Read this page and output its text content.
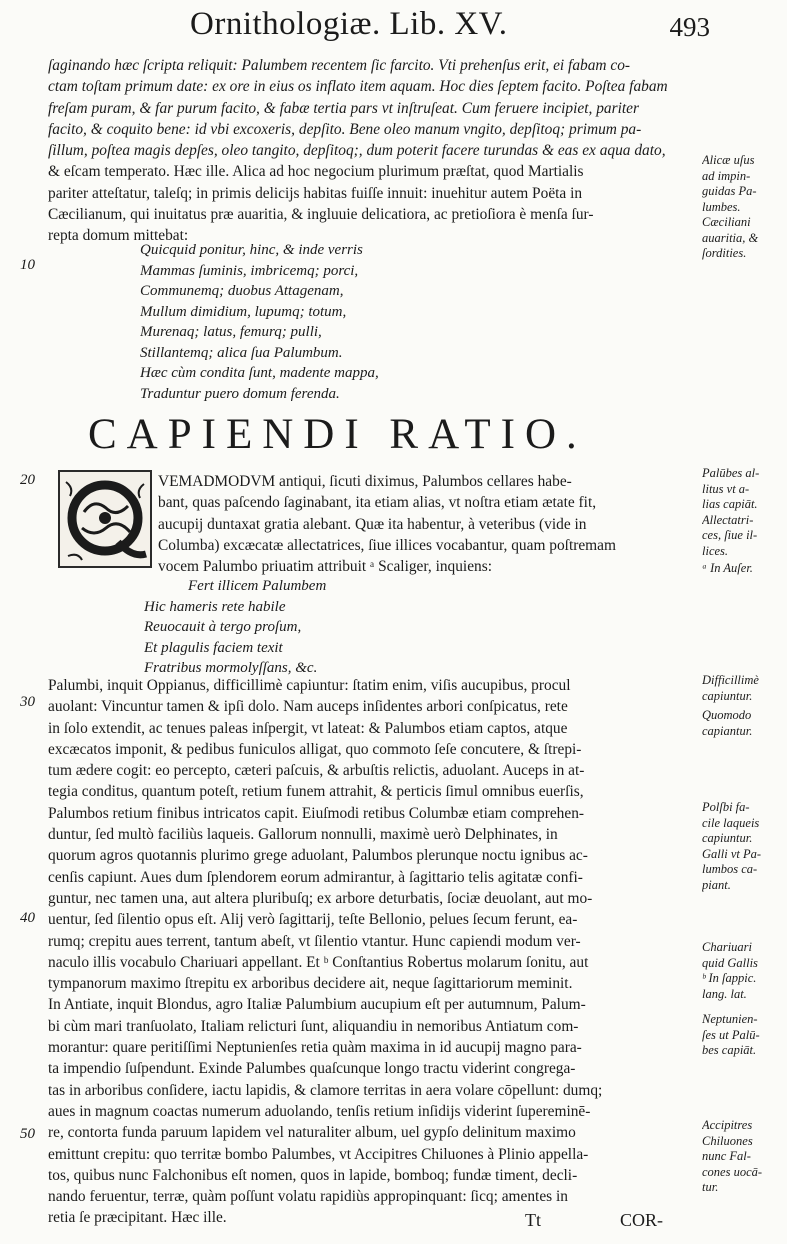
Ornithologiæ. Lib. XV.	493
ſaginando hæc ſcripta reliquit: Palumbem recentem ſic farcito. Vti prehenſus erit, ei fabam co-
ctam toſtam primum date: ex ore in eius os inflato item aquam. Hoc dies ſeptem facito. Poſtea fabam
freſam puram, & far purum facito, & fabæ tertia pars vt inſtruſeat. Cum feruere incipiet, pariter
facito, & coquito bene: id vbi excoxeris, depſito. Bene oleo manum vngito, depſitoq; primum pa-
ſillum, poſtea magis depſes, oleo tangito, depſitoq;, dum poterit facere turundas & eas ex aqua dato,
& eſcam temperato. Hæc ille. Alica ad hoc negocium plurimum præſtat, quod Martialis
pariter atteſtatur, taleſq; in primis delicijs habitas fuiſſe innuit: inuehitur autem Poëta in
Cæcilianum, qui inuitatus præ auaritia, & ingluuie delicatiora, ac pretioſiora è menſa ſur-
repta domum mittebat:
Quicquid ponitur, hinc, & inde verris
Mammas ſuminis, imbricemq; porci,
Communemq; duobus Attagenam,
Mullum dimidium, lupumq; totum,
Murenaq; latus, femurq; pulli,
Stillantemq; alica ſua Palumbum.
Hæc cùm condita ſunt, madente mappa,
Traduntur puero domum ferenda.
CAPIENDI RATIO.
VEMADMODVM antiqui, ſicuti diximus, Palumbos cellares habe-
bant, quas paſcendo ſaginabant, ita etiam alias, vt noſtra etiam ætate fit,
aucupij duntaxat gratia alebant. Quæ ita habentur, à veteribus (vide in
Columba) excæcatæ allectatrices, ſiue illices vocabantur, quam poſtremam
vocem Palumbo priuatim attribuit ᵃ Scaliger, inquiens:
Fert illicem Palumbem
Hic hameris rete habile
Reuocauit à tergo proſum,
Et plagulis faciem texit
Fratribus mormolyſſans, &c.
Palumbi, inquit Oppianus, difficillimè capiuntur: ſtatim enim, viſis aucupibus, procul
auolant: Vincuntur tamen & ipſi dolo. Nam auceps inſidentes arbori conſpicatus, rete
in ſolo extendit, ac tenues paleas inſpergit, vt lateat: & Palumbos etiam captos, atque
excæcatos imponit, & pedibus funiculos alligat, quo commoto ſeſe concutere, & ſtrepi-
tum ædere cogit: eo percepto, cæteri paſcuis, & arbuſtis relictis, aduolant. Auceps in at-
tegia conditus, quantum poteſt, retium funem attrahit, & perticis ſimul omnibus euerſis,
Palumbos retium finibus intricatos capit. Eiuſmodi retibus Columbæ etiam comprehen-
duntur, ſed multò faciliùs laqueis. Gallorum nonnulli, maximè uerò Delphinates, in
quorum agros quotannis plurimo grege aduolant, Palumbos plerunque noctu ignibus ac-
cenſis capiunt. Aues dum ſplendorem eorum admirantur, à ſagittario telis agitatæ confi-
guntur, nec tamen una, aut altera pluribuſq; ex arbore deturbatis, ſociæ deuolant, aut mo-
uentur, ſed ſilentio opus eſt. Alij verò ſagittarij, teſte Bellonio, pelues ſecum ferunt, ea-
rumq; crepitu aues terrent, tantum abeſt, vt ſilentio vtantur. Hunc capiendi modum ver-
naculo illis vocabulo Chariuari appellant. Et ᵇ Conſtantius Robertus molarum ſonitu, aut
tympanorum maximo ſtrepitu ex arboribus decidere ait, neque ſagittariorum meminit.
In Antiate, inquit Blondus, agro Italiæ Palumbium aucupium eſt per autumnum, Palum-
bi cùm mari tranſuolato, Italiam relicturi ſunt, aliquandiu in nemoribus Antiatum com-
morantur: quare peritiſſimi Neptunienſes retia quàm maxima in id aucupij magno para-
ta impendio ſuſpendunt. Exinde Palumbes quaſcunque longo tractu viderint congrega-
tas in arboribus conſidere, iactu lapidis, & clamore territas in aera volare cōpellunt: dumq;
aues in magnum coactas numerum aduolando, tenſis retium inſidijs viderint ſupereminē-
re, contorta funda paruum lapidem vel naturaliter album, uel gypſo delinitum maximo
emittunt crepitu: quo territæ bombo Palumbes, vt Accipitres Chiluones à Plinio appella-
tos, quibus nunc Falchonibus eſt nomen, quos in lapide, bomboq; fundæ timent, decli-
nando feruentur, terræ, quàm poſſunt volatu rapidiùs appropinquant: ſicq; amentes in
retia ſe præcipitant. Hæc ille.
10
20
30
40
50
Alicæ uſus
ad impin-
guidas Pa-
lumbes.
Cæciliani
auaritia, &
ſordities.
Palūbes al-
litus vt a-
lias capiāt.
Allectatri-
ces, ſiue il-
lices.
ᵃ In Auſer.
Difficillimè
capiuntur.
Quomodo
capiantur.
Polſbi fa-
cile laqueis
capiuntur.
Galli vt Pa-
lumbos ca-
piant.
Chariuari
quid Gallis
ᵇ In ſappic.
lang. lat.
Neptunien-
ſes ut Palū-
bes capiāt.
Accipitres
Chiluones
nunc Fal-
cones uocā-
tur.
Tt	COR-
